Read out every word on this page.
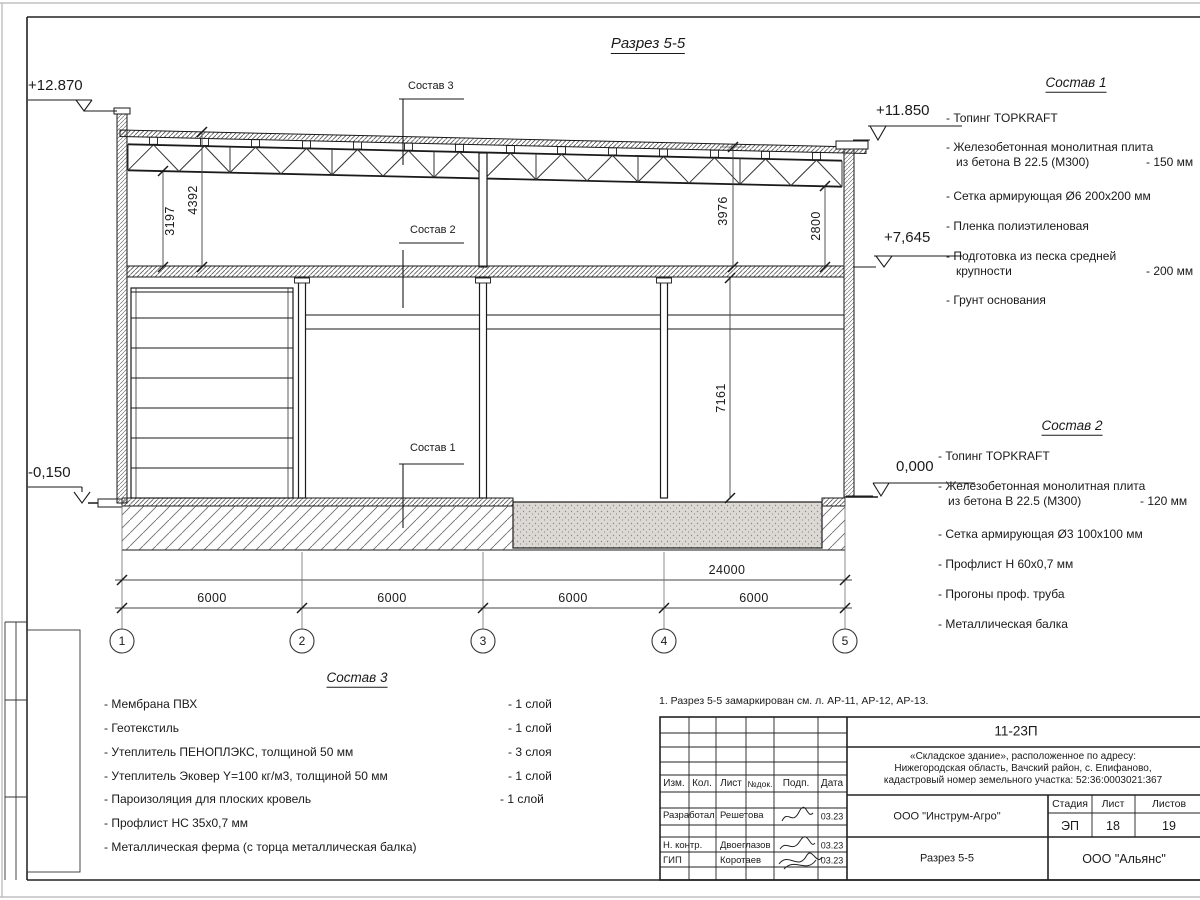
Разрез 5-5
+12.870
+11.850
+7,645
0,000
-0,150
Состав 3
Состав 2
Состав 1
24000
6000	6000	6000	6000
3197
4392	3976
2800
7161
1	2	3	4	5
Состав 1
- Топинг TOPKRAFT
- Железобетонная монолитная плита
из бетона В 22.5 (М300)	- 150 мм
- Сетка армирующая Ø6 200х200 мм
- Пленка полиэтиленовая
- Подготовка из песка средней
крупности	- 200 мм
- Грунт основания
Состав 2
- Топинг TOPKRAFT
- Железобетонная монолитная плита
из бетона В 22.5 (М300)	- 120 мм
- Сетка армирующая Ø3 100х100 мм
- Профлист Н 60х0,7 мм
- Прогоны проф. труба
- Металлическая балка
Состав 3
- Мембрана ПВХ	- 1 слой
- Геотекстиль	- 1 слой
- Утеплитель ПЕНОПЛЭКС, толщиной 50 мм	- 3 слоя
- Утеплитель Эковер Y=100 кг/м3, толщиной 50 мм	- 1 слой
- Пароизоляция для плоских кровель	- 1 слой
- Профлист НС 35х0,7 мм
- Металлическая ферма (с торца металлическая балка)
1. Разрез 5-5 замаркирован см. л. АР-11, АР-12, АР-13.
11-23П
«Складское здание», расположенное по адресу:
Нижегородская область, Вачский район, с. Епифаново,
кадастровый номер земельного участка: 52:36:0003021:367
Изм. Кол. Лист №док. Подп. Дата
Разработал Решетова	03.23
Н. контр. Двоеглазов	03.23
ГИП	Коротаев	03.23
ООО "Инструм-Агро"
Разрез 5-5	ООО "Альянс"
Стадия Лист	Листов
ЭП 18	19
